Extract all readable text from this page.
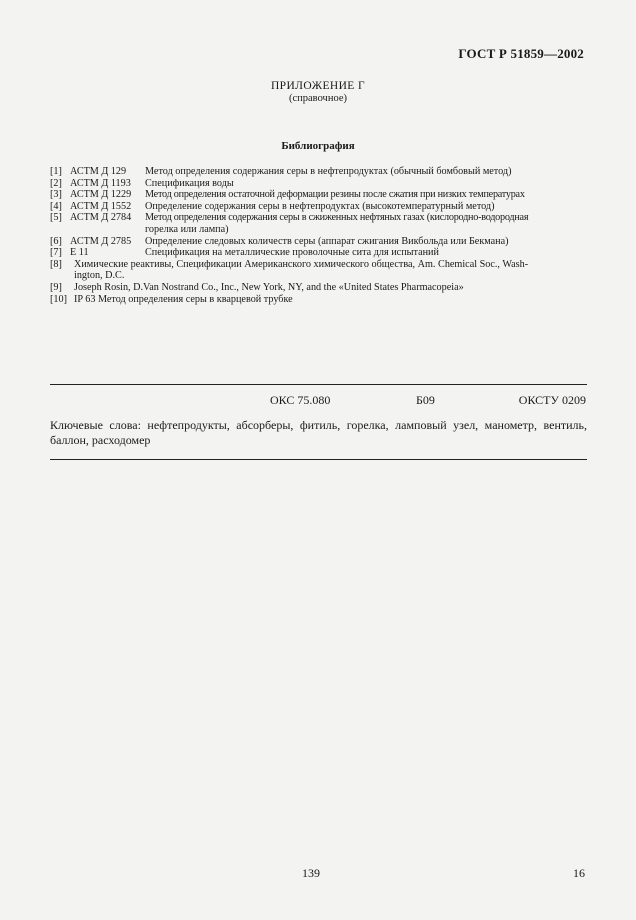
ГОСТ Р 51859—2002
ПРИЛОЖЕНИЕ Г
(справочное)
Библиография
[1] АСТМ Д 129	Метод определения содержания серы в нефтепродуктах (обычный бомбовый метод)
[2] АСТМ Д 1193	Спецификация воды
[3] АСТМ Д 1229	Метод определения остаточной деформации резины после сжатия при низких температурах
[4] АСТМ Д 1552	Определение содержания серы в нефтепродуктах (высокотемпературный метод)
[5] АСТМ Д 2784	Метод определения содержания серы в сжиженных нефтяных газах (кислородно-водородная
горелка или лампа)
[6] АСТМ Д 2785	Определение следовых количеств серы (аппарат сжигания Викбольда или Бекмана)
[7] Е 11	Спецификация на металлические проволочные сита для испытаний
[8]	Химические реактивы, Спецификации Американского химического общества, Am. Chemical Soc., Wash-
ington, D.C.
[9]	Joseph Rosin, D.Van Nostrand Co., Inc., New York, NY, and the «United States Pharmacopeia»
[10] IP 63 Метод определения серы в кварцевой трубке
ОКС 75.080	Б09	ОКСТУ 0209
Ключевые слова: нефтепродукты, абсорберы, фитиль, горелка, ламповый узел, манометр, вентиль, баллон, расходомер
139	16
